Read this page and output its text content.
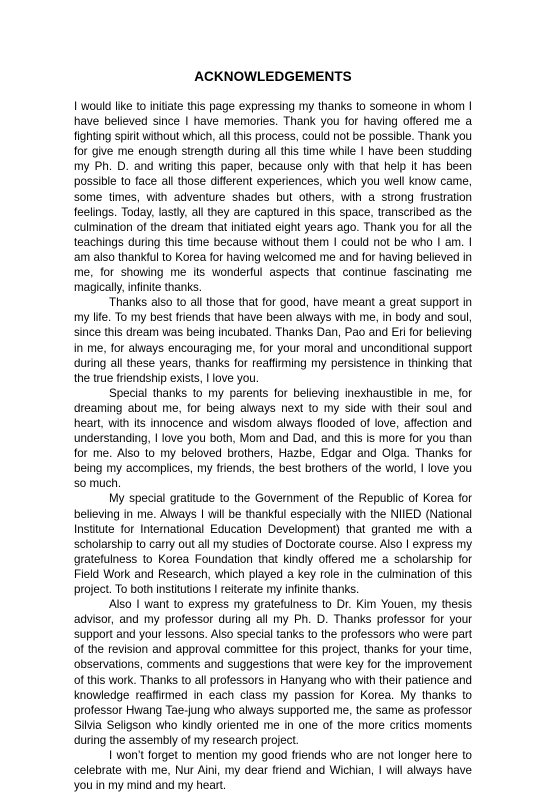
ACKNOWLEDGEMENTS

I would like to initiate this page expressing my thanks to someone in whom I have believed since I have memories. Thank you for having offered me a fighting spirit without which, all this process, could not be possible. Thank you for give me enough strength during all this time while I have been studding my Ph. D. and writing this paper, because only with that help it has been possible to face all those different experiences, which you well know came, some times, with adventure shades but others, with a strong frustration feelings. Today, lastly, all they are captured in this space, transcribed as the culmination of the dream that initiated eight years ago. Thank you for all the teachings during this time because without them I could not be who I am. I am also thankful to Korea for having welcomed me and for having believed in me, for showing me its wonderful aspects that continue fascinating me magically, infinite thanks.

Thanks also to all those that for good, have meant a great support in my life. To my best friends that have been always with me, in body and soul, since this dream was being incubated. Thanks Dan, Pao and Eri for believing in me, for always encouraging me, for your moral and unconditional support during all these years, thanks for reaffirming my persistence in thinking that the true friendship exists, I love you.

Special thanks to my parents for believing inexhaustible in me, for dreaming about me, for being always next to my side with their soul and heart, with its innocence and wisdom always flooded of love, affection and understanding, I love you both, Mom and Dad, and this is more for you than for me. Also to my beloved brothers, Hazbe, Edgar and Olga. Thanks for being my accomplices, my friends, the best brothers of the world, I love you so much.

My special gratitude to the Government of the Republic of Korea for believing in me. Always I will be thankful especially with the NIIED (National Institute for International Education Development) that granted me with a scholarship to carry out all my studies of Doctorate course. Also I express my gratefulness to Korea Foundation that kindly offered me a scholarship for Field Work and Research, which played a key role in the culmination of this project. To both institutions I reiterate my infinite thanks.

Also I want to express my gratefulness to Dr. Kim Youen, my thesis advisor, and my professor during all my Ph. D. Thanks professor for your support and your lessons. Also special tanks to the professors who were part of the revision and approval committee for this project, thanks for your time, observations, comments and suggestions that were key for the improvement of this work. Thanks to all professors in Hanyang who with their patience and knowledge reaffirmed in each class my passion for Korea. My thanks to professor Hwang Tae-jung who always supported me, the same as professor Silvia Seligson who kindly oriented me in one of the more critics moments during the assembly of my research project.

I won’t forget to mention my good friends who are not longer here to celebrate with me, Nur Aini, my dear friend and Wichian, I will always have you in my mind and my heart.
